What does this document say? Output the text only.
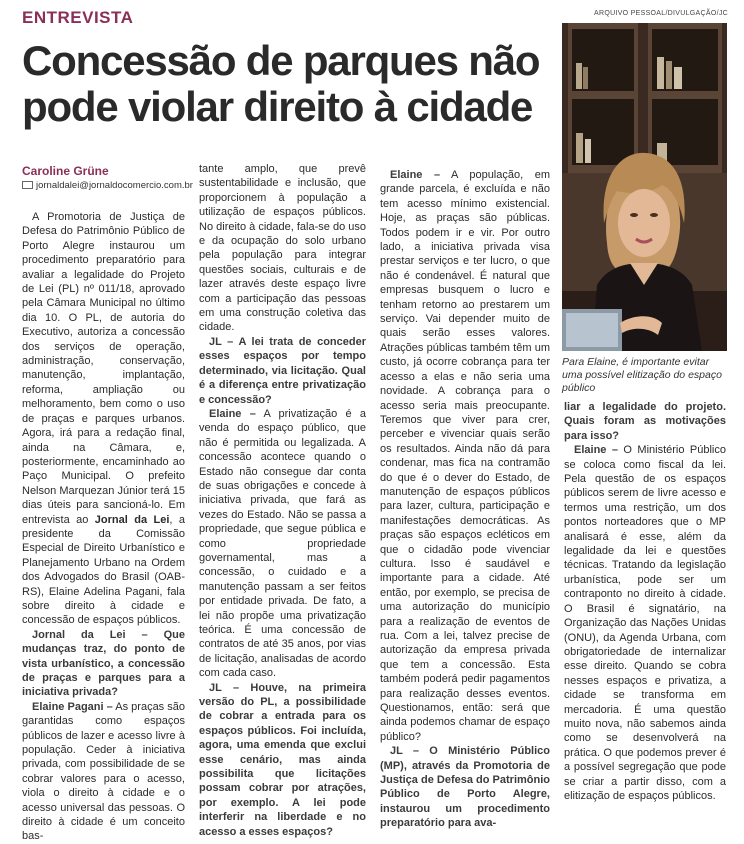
ENTREVISTA
Concessão de parques não pode violar direito à cidade
Caroline Grüne
jornaldalei@jornaldocomercio.com.br
ARQUIVO PESSOAL/DIVULGAÇÃO/JC
Para Elaine, é importante evitar uma possível elitização do espaço público

A Promotoria de Justiça de Defesa do Patrimônio Público de Porto Alegre instaurou um procedimento preparatório para avaliar a legalidade do Projeto de Lei (PL) nº 011/18, aprovado pela Câmara Municipal no último dia 10. O PL, de autoria do Executivo, autoriza a concessão dos serviços de operação, administração, conservação, manutenção, implantação, reforma, ampliação ou melhoramento, bem como o uso de praças e parques urbanos. Agora, irá para a redação final, ainda na Câmara, e, posteriormente, encaminhado ao Paço Municipal. O prefeito Nelson Marquezan Júnior terá 15 dias úteis para sancioná-lo. Em entrevista ao Jornal da Lei, a presidente da Comissão Especial de Direito Urbanístico e Planejamento Urbano na Ordem dos Advogados do Brasil (OAB-RS), Elaine Adelina Pagani, fala sobre direito à cidade e concessão de espaços públicos.

Jornal da Lei – Que mudanças traz, do ponto de vista urbanístico, a concessão de praças e parques para a iniciativa privada?

Elaine Pagani – As praças são garantidas como espaços públicos de lazer e acesso livre à população. Ceder à iniciativa privada, com possibilidade de se cobrar valores para o acesso, viola o direito à cidade e o acesso universal das pessoas. O direito à cidade é um conceito bas-

tante amplo, que prevê sustentabilidade e inclusão, que proporcionem à população a utilização de espaços públicos. No direito à cidade, fala-se do uso e da ocupação do solo urbano pela população para integrar questões sociais, culturais e de lazer através deste espaço livre com a participação das pessoas em uma construção coletiva das cidade.

JL – A lei trata de conceder esses espaços por tempo determinado, via licitação. Qual é a diferença entre privatização e concessão?

Elaine – A privatização é a venda do espaço público, que não é permitida ou legalizada. A concessão acontece quando o Estado não consegue dar conta de suas obrigações e concede à iniciativa privada, que fará as vezes do Estado. Não se passa a propriedade, que segue pública e como propriedade governamental, mas a concessão, o cuidado e a manutenção passam a ser feitos por entidade privada. De fato, a lei não propõe uma privatização teórica. É uma concessão de contratos de até 35 anos, por vias de licitação, analisadas de acordo com cada caso.

JL – Houve, na primeira versão do PL, a possibilidade de cobrar a entrada para os espaços públicos. Foi incluída, agora, uma emenda que exclui esse cenário, mas ainda possibilita que licitações possam cobrar por atrações, por exemplo. A lei pode interferir na liberdade e no acesso a esses espaços?

Elaine – A população, em grande parcela, é excluída e não tem acesso mínimo existencial. Hoje, as praças são públicas. Todos podem ir e vir. Por outro lado, a iniciativa privada visa prestar serviços e ter lucro, o que não é condenável. É natural que empresas busquem o lucro e tenham retorno ao prestarem um serviço. Vai depender muito de quais serão esses valores. Atrações públicas também têm um custo, já ocorre cobrança para ter acesso a elas e não seria uma novidade. A cobrança para o acesso seria mais preocupante. Teremos que viver para crer, perceber e vivenciar quais serão os resultados. Ainda não dá para condenar, mas fica na contramão do que é o dever do Estado, de manutenção de espaços públicos para lazer, cultura, participação e manifestações democráticas. As praças são espaços ecléticos em que o cidadão pode vivenciar cultura. Isso é saudável e importante para a cidade. Até então, por exemplo, se precisa de uma autorização do município para a realização de eventos de rua. Com a lei, talvez precise de autorização da empresa privada que tem a concessão. Esta também poderá pedir pagamentos para realização desses eventos. Questionamos, então: será que ainda podemos chamar de espaço público?

JL – O Ministério Público (MP), através da Promotoria de Justiça de Defesa do Patrimônio Público de Porto Alegre, instaurou um procedimento preparatório para ava-

liar a legalidade do projeto. Quais foram as motivações para isso?

Elaine – O Ministério Público se coloca como fiscal da lei. Pela questão de os espaços públicos serem de livre acesso e termos uma restrição, um dos pontos norteadores que o MP analisará é esse, além da legalidade da lei e questões técnicas. Tratando da legislação urbanística, pode ser um contraponto no direito à cidade. O Brasil é signatário, na Organização das Nações Unidas (ONU), da Agenda Urbana, com obrigatoriedade de internalizar esse direito. Quando se cobra nesses espaços e privatiza, a cidade se transforma em mercadoria. É uma questão muito nova, não sabemos ainda como se desenvolverá na prática. O que podemos prever é a possível segregação que pode se criar a partir disso, com a elitização de espaços públicos.
